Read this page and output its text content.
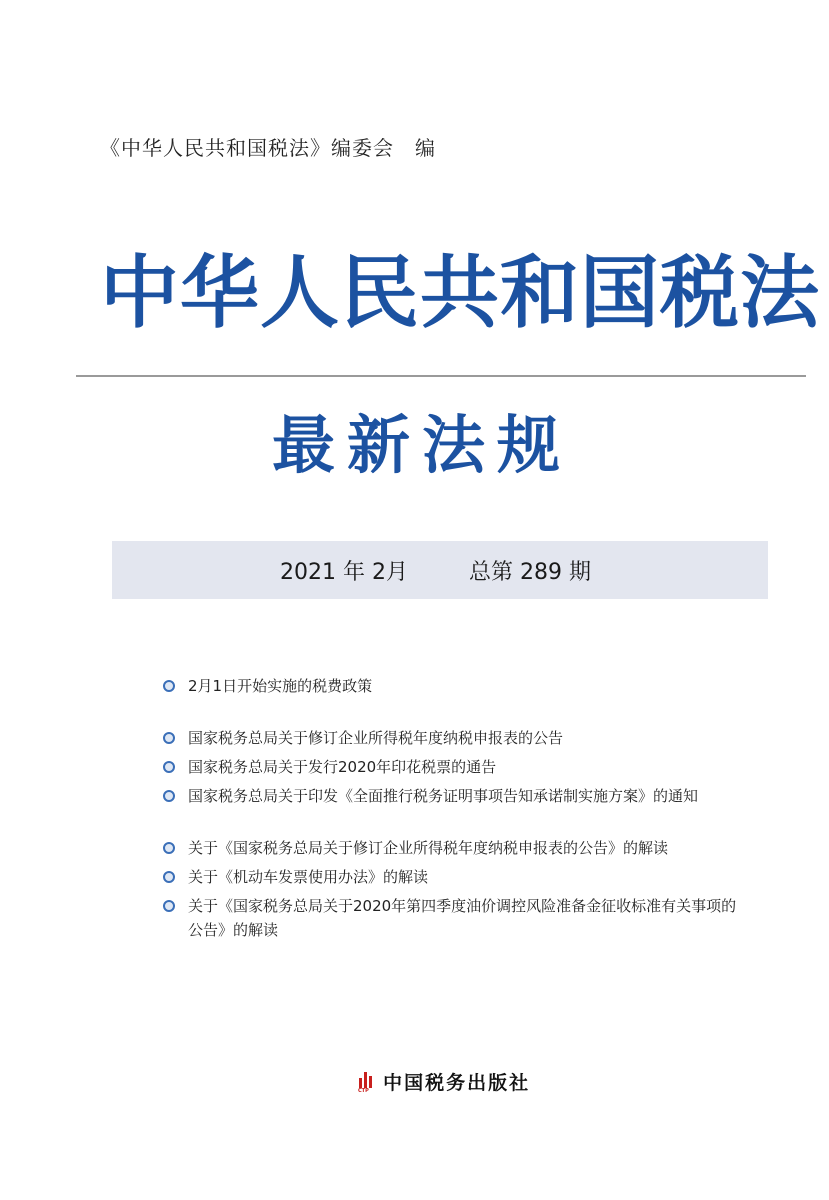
《中华人民共和国税法》编委会　编
中华人民共和国税法
最新法规
2021 年 2月	总第 289 期
2月1日开始实施的税费政策
国家税务总局关于修订企业所得税年度纳税申报表的公告
国家税务总局关于发行2020年印花税票的通告
国家税务总局关于印发《全面推行税务证明事项告知承诺制实施方案》的通知
关于《国家税务总局关于修订企业所得税年度纳税申报表的公告》的解读
关于《机动车发票使用办法》的解读
关于《国家税务总局关于2020年第四季度油价调控风险准备金征收标准有关事项的公告》的解读
CTP 中国税务出版社
